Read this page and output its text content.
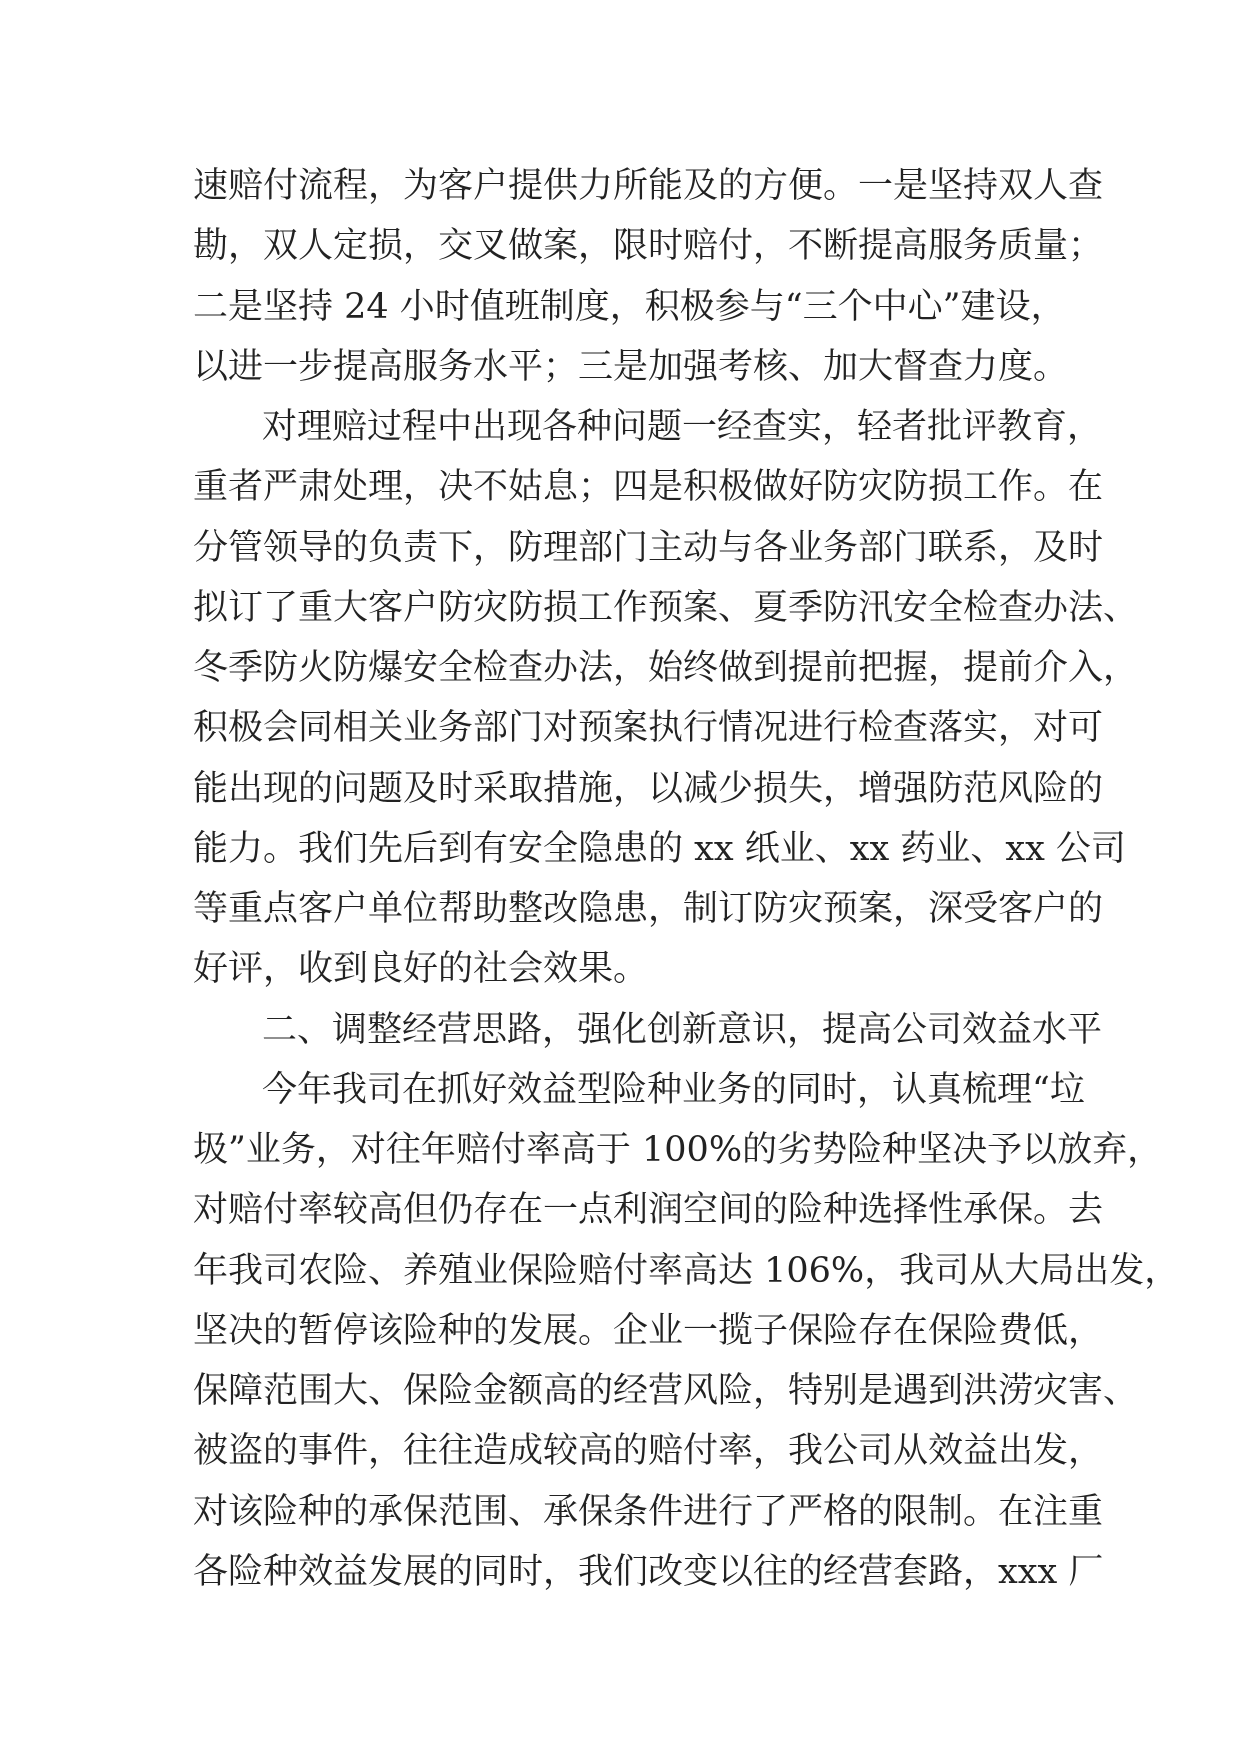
速赔付流程，为客户提供力所能及的方便。一是坚持双人查
勘，双人定损，交叉做案，限时赔付，不断提高服务质量；
二是坚持 24 小时值班制度，积极参与“三个中心”建设，
以进一步提高服务水平；三是加强考核、加大督查力度。
对理赔过程中出现各种问题一经查实，轻者批评教育，
重者严肃处理，决不姑息；四是积极做好防灾防损工作。在
分管领导的负责下，防理部门主动与各业务部门联系，及时
拟订了重大客户防灾防损工作预案、夏季防汛安全检查办法、
冬季防火防爆安全检查办法，始终做到提前把握，提前介入，
积极会同相关业务部门对预案执行情况进行检查落实，对可
能出现的问题及时采取措施，以减少损失，增强防范风险的
能力。我们先后到有安全隐患的 xx 纸业、xx 药业、xx 公司
等重点客户单位帮助整改隐患，制订防灾预案，深受客户的
好评，收到良好的社会效果。
二、调整经营思路，强化创新意识，提高公司效益水平
今年我司在抓好效益型险种业务的同时，认真梳理“垃
圾”业务，对往年赔付率高于 100%的劣势险种坚决予以放弃，
对赔付率较高但仍存在一点利润空间的险种选择性承保。去
年我司农险、养殖业保险赔付率高达 106%，我司从大局出发，
坚决的暂停该险种的发展。企业一揽子保险存在保险费低，
保障范围大、保险金额高的经营风险，特别是遇到洪涝灾害、
被盗的事件，往往造成较高的赔付率，我公司从效益出发，
对该险种的承保范围、承保条件进行了严格的限制。在注重
各险种效益发展的同时，我们改变以往的经营套路，xxx 厂
